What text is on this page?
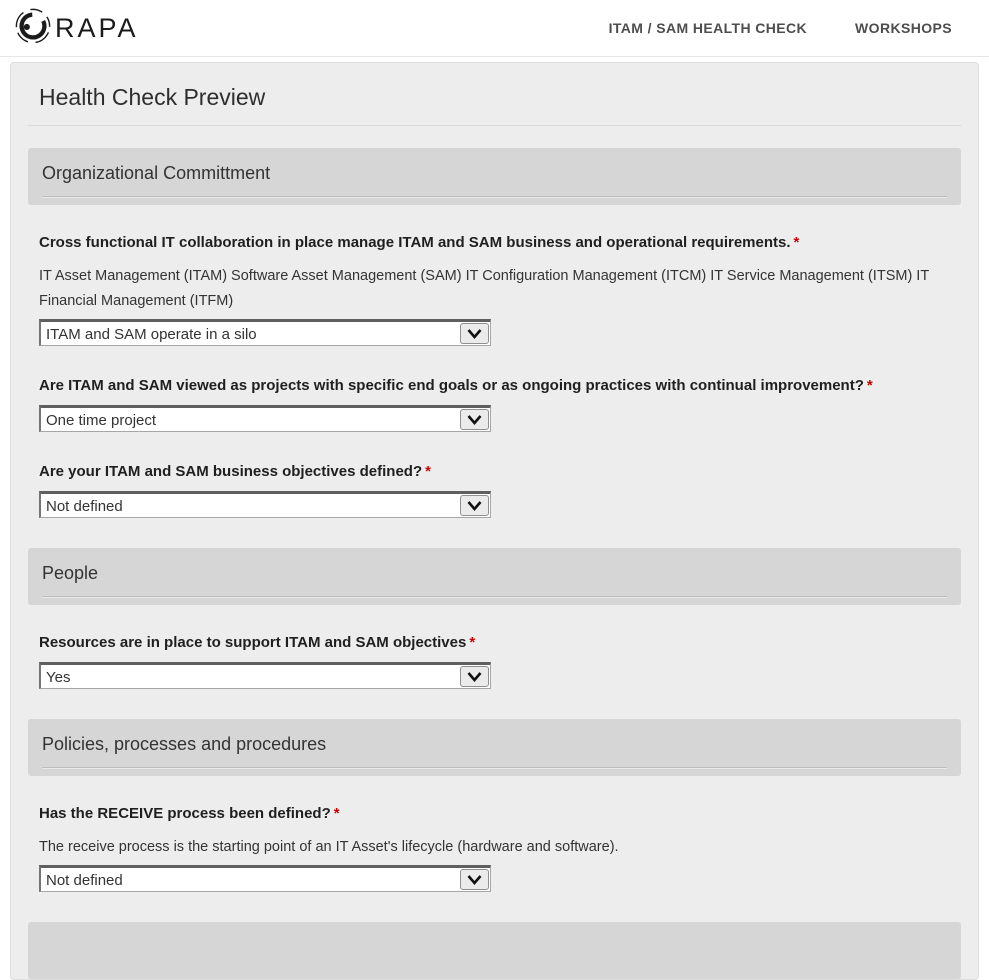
RAPA	ITAM / SAM HEALTH CHECK	WORKSHOPS
Health Check Preview
Organizational Committment
Cross functional IT collaboration in place manage ITAM and SAM business and operational requirements. *
IT Asset Management (ITAM) Software Asset Management (SAM) IT Configuration Management (ITCM) IT Service Management (ITSM) IT Financial Management (ITFM)
ITAM and SAM operate in a silo
Are ITAM and SAM viewed as projects with specific end goals or as ongoing practices with continual improvement? *
One time project
Are your ITAM and SAM business objectives defined? *
Not defined
People
Resources are in place to support ITAM and SAM objectives *
Yes
Policies, processes and procedures
Has the RECEIVE process been defined? *
The receive process is the starting point of an IT Asset's lifecycle (hardware and software).
Not defined
